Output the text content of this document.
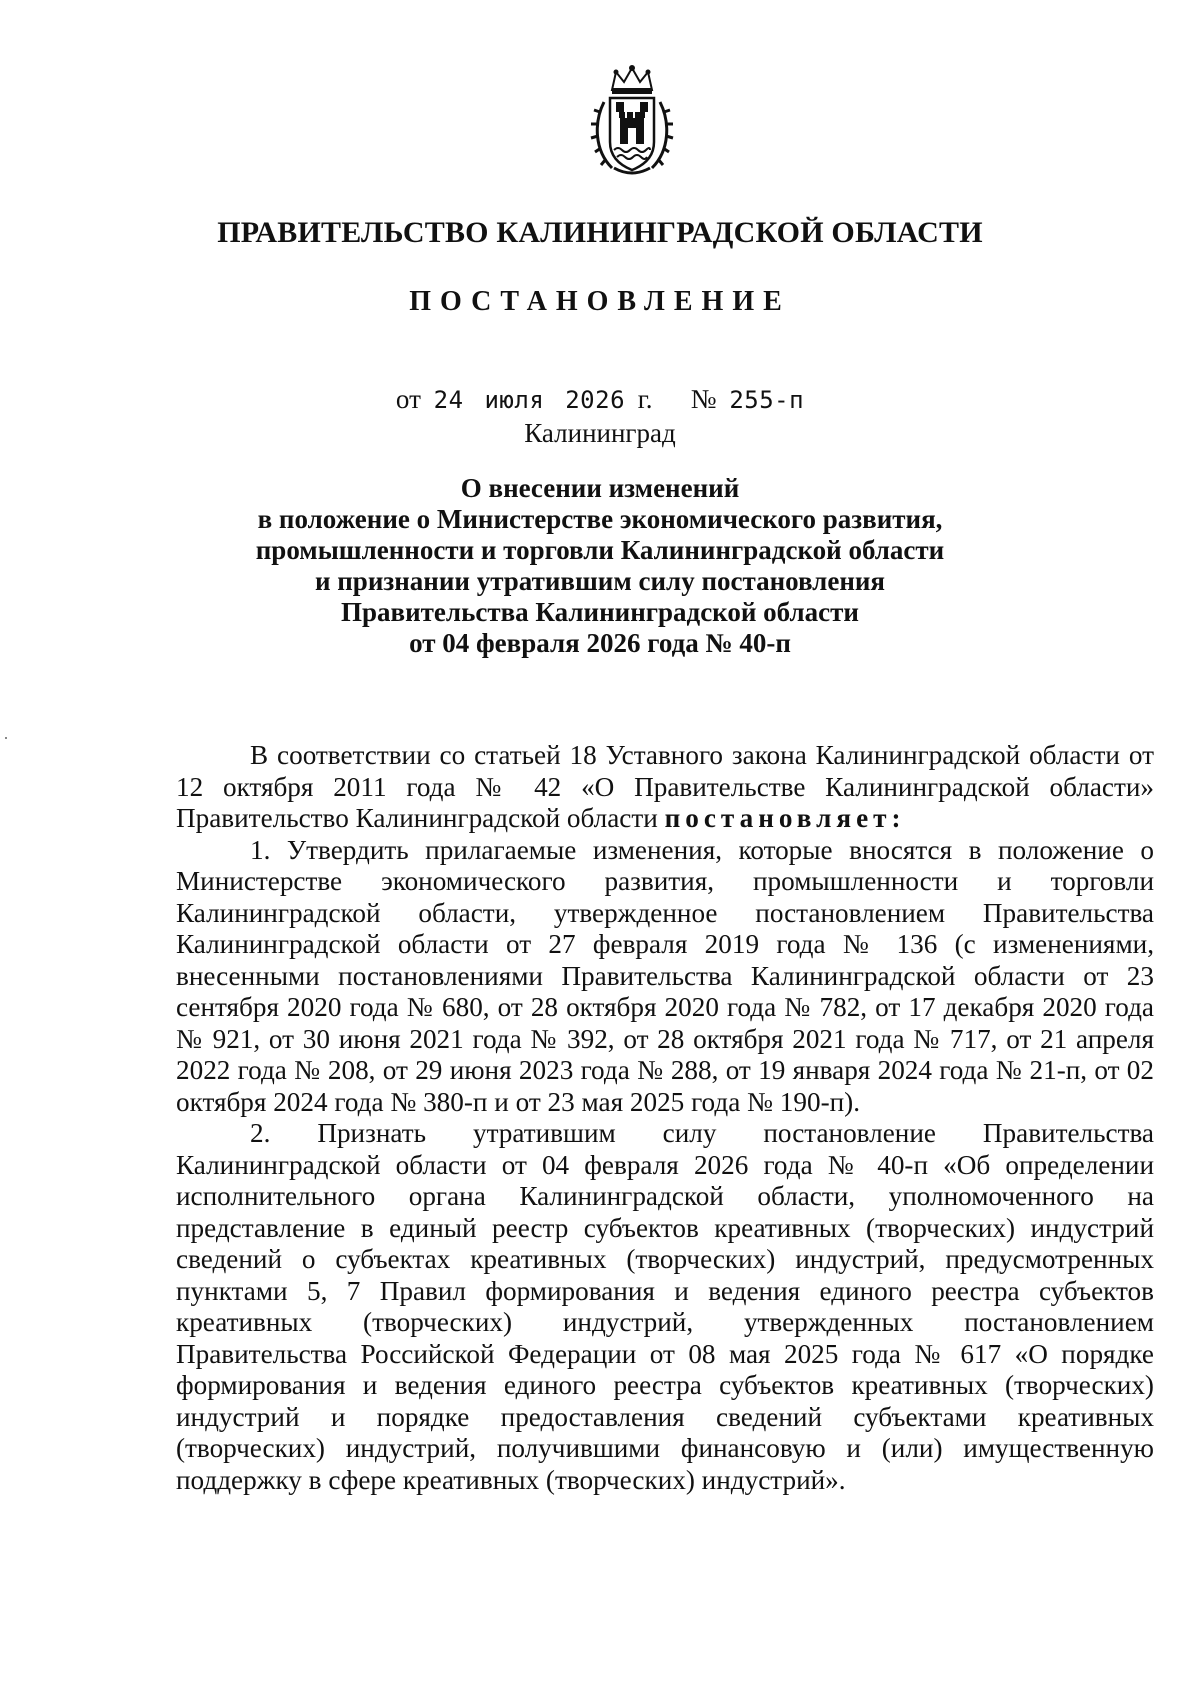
ПРАВИТЕЛЬСТВО КАЛИНИНГРАДСКОЙ ОБЛАСТИ
ПОСТАНОВЛЕНИЕ
от 24 июля 2026 г. № 255-п
Калининград
О внесении изменений
в положение о Министерстве экономического развития,
промышленности и торговли Калининградской области
и признании утратившим силу постановления
Правительства Калининградской области
от 04 февраля 2026 года № 40-п

В соответствии со статьей 18 Уставного закона Калининградской области от 12 октября 2011 года № 42 «О Правительстве Калининградской области» Правительство Калининградской области постановляет:

1. Утвердить прилагаемые изменения, которые вносятся в положение о Министерстве экономического развития, промышленности и торговли Калининградской области, утвержденное постановлением Правительства Калининградской области от 27 февраля 2019 года № 136 (с изменениями, внесенными постановлениями Правительства Калининградской области от 23 сентября 2020 года № 680, от 28 октября 2020 года № 782, от 17 декабря 2020 года № 921, от 30 июня 2021 года № 392, от 28 октября 2021 года № 717, от 21 апреля 2022 года № 208, от 29 июня 2023 года № 288, от 19 января 2024 года № 21-п, от 02 октября 2024 года № 380-п и от 23 мая 2025 года № 190-п).

2. Признать утратившим силу постановление Правительства Калининградской области от 04 февраля 2026 года № 40-п «Об определении исполнительного органа Калининградской области, уполномоченного на представление в единый реестр субъектов креативных (творческих) индустрий сведений о субъектах креативных (творческих) индустрий, предусмотренных пунктами 5, 7 Правил формирования и ведения единого реестра субъектов креативных (творческих) индустрий, утвержденных постановлением Правительства Российской Федерации от 08 мая 2025 года № 617 «О порядке формирования и ведения единого реестра субъектов креативных (творческих) индустрий и порядке предоставления сведений субъектами креативных (творческих) индустрий, получившими финансовую и (или) имущественную поддержку в сфере креативных (творческих) индустрий».
